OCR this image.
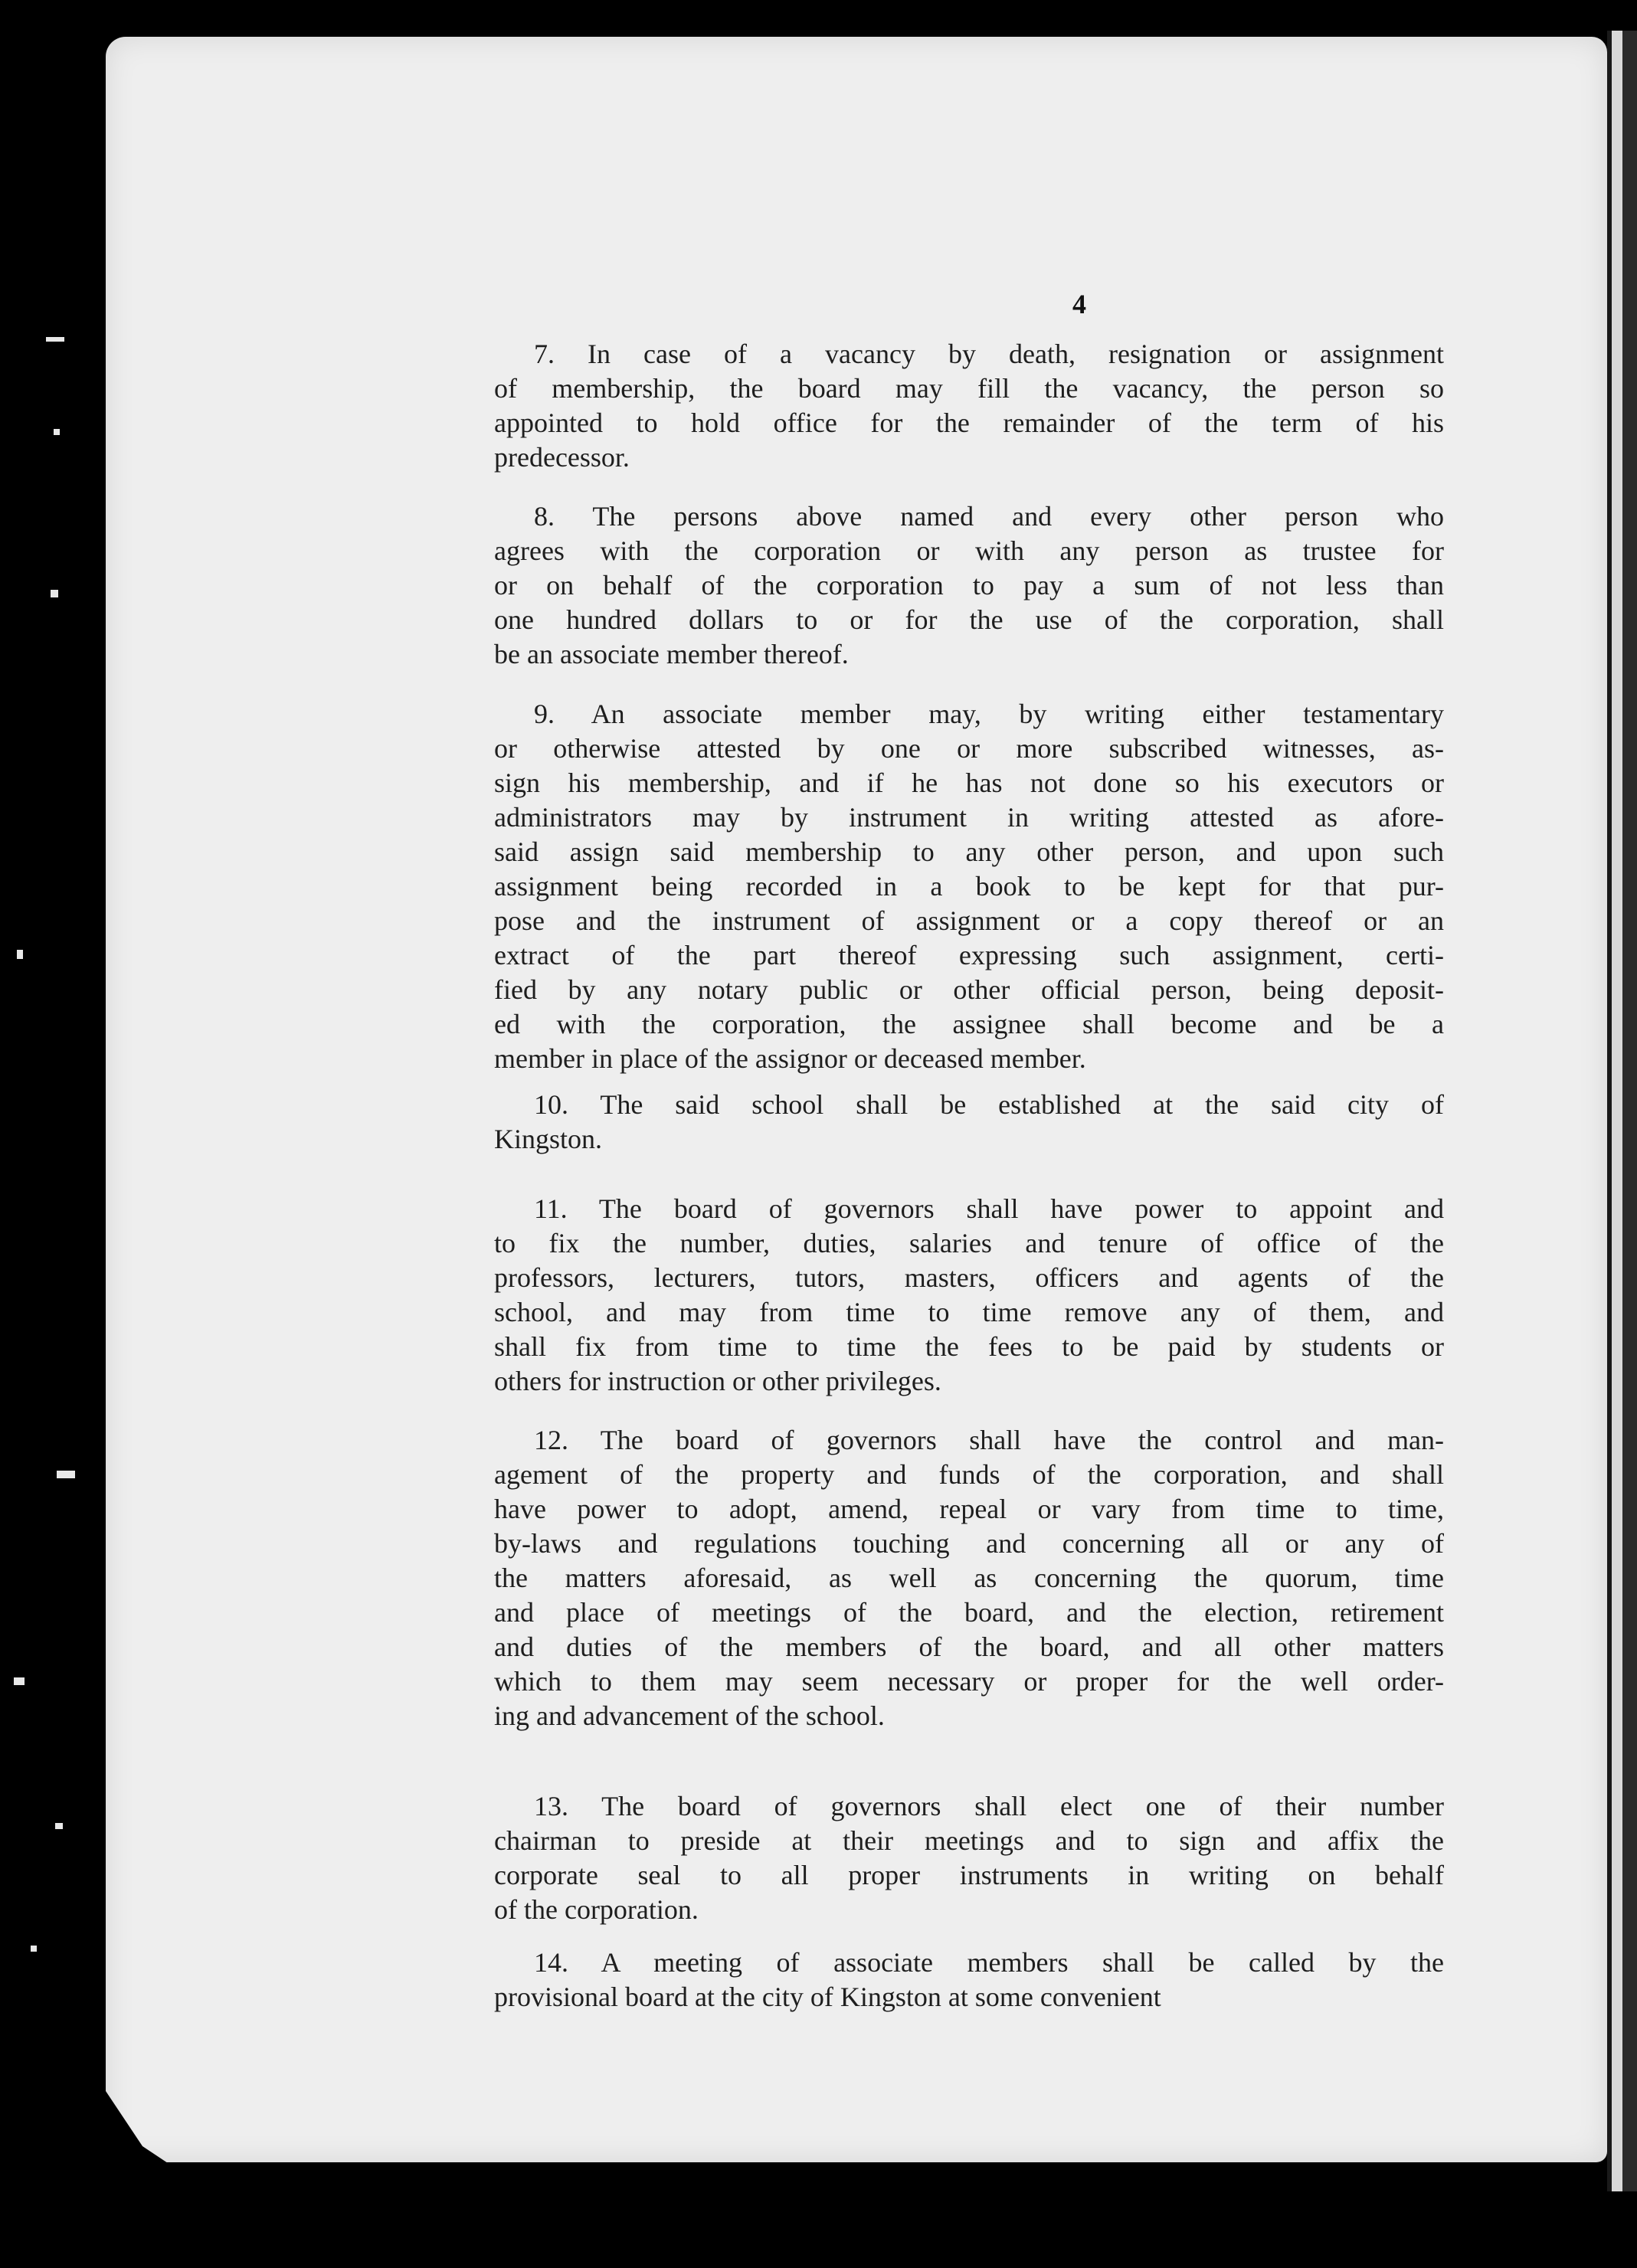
4
7. In case of a vacancy by death, resignation or assignment
of membership, the board may fill the vacancy, the person so
appointed to hold office for the remainder of the term of his
predecessor.
8. The persons above named and every other person who
agrees with the corporation or with any person as trustee for
or on behalf of the corporation to pay a sum of not less than
one hundred dollars to or for the use of the corporation, shall
be an associate member thereof.
9. An associate member may, by writing either testamentary
or otherwise attested by one or more subscribed witnesses, as-
sign his membership, and if he has not done so his executors or
administrators may by instrument in writing attested as afore-
said assign said membership to any other person, and upon such
assignment being recorded in a book to be kept for that pur-
pose and the instrument of assignment or a copy thereof or an
extract of the part thereof expressing such assignment, certi-
fied by any notary public or other official person, being deposit-
ed with the corporation, the assignee shall become and be a
member in place of the assignor or deceased member.
10. The said school shall be established at the said city of
Kingston.
11. The board of governors shall have power to appoint and
to fix the number, duties, salaries and tenure of office of the
professors, lecturers, tutors, masters, officers and agents of the
school, and may from time to time remove any of them, and
shall fix from time to time the fees to be paid by students or
others for instruction or other privileges.
12. The board of governors shall have the control and man-
agement of the property and funds of the corporation, and shall
have power to adopt, amend, repeal or vary from time to time,
by-laws and regulations touching and concerning all or any of
the matters aforesaid, as well as concerning the quorum, time
and place of meetings of the board, and the election, retirement
and duties of the members of the board, and all other matters
which to them may seem necessary or proper for the well order-
ing and advancement of the school.
13. The board of governors shall elect one of their number
chairman to preside at their meetings and to sign and affix the
corporate seal to all proper instruments in writing on behalf
of the corporation.
14. A meeting of associate members shall be called by the
provisional board at the city of Kingston at some convenient
